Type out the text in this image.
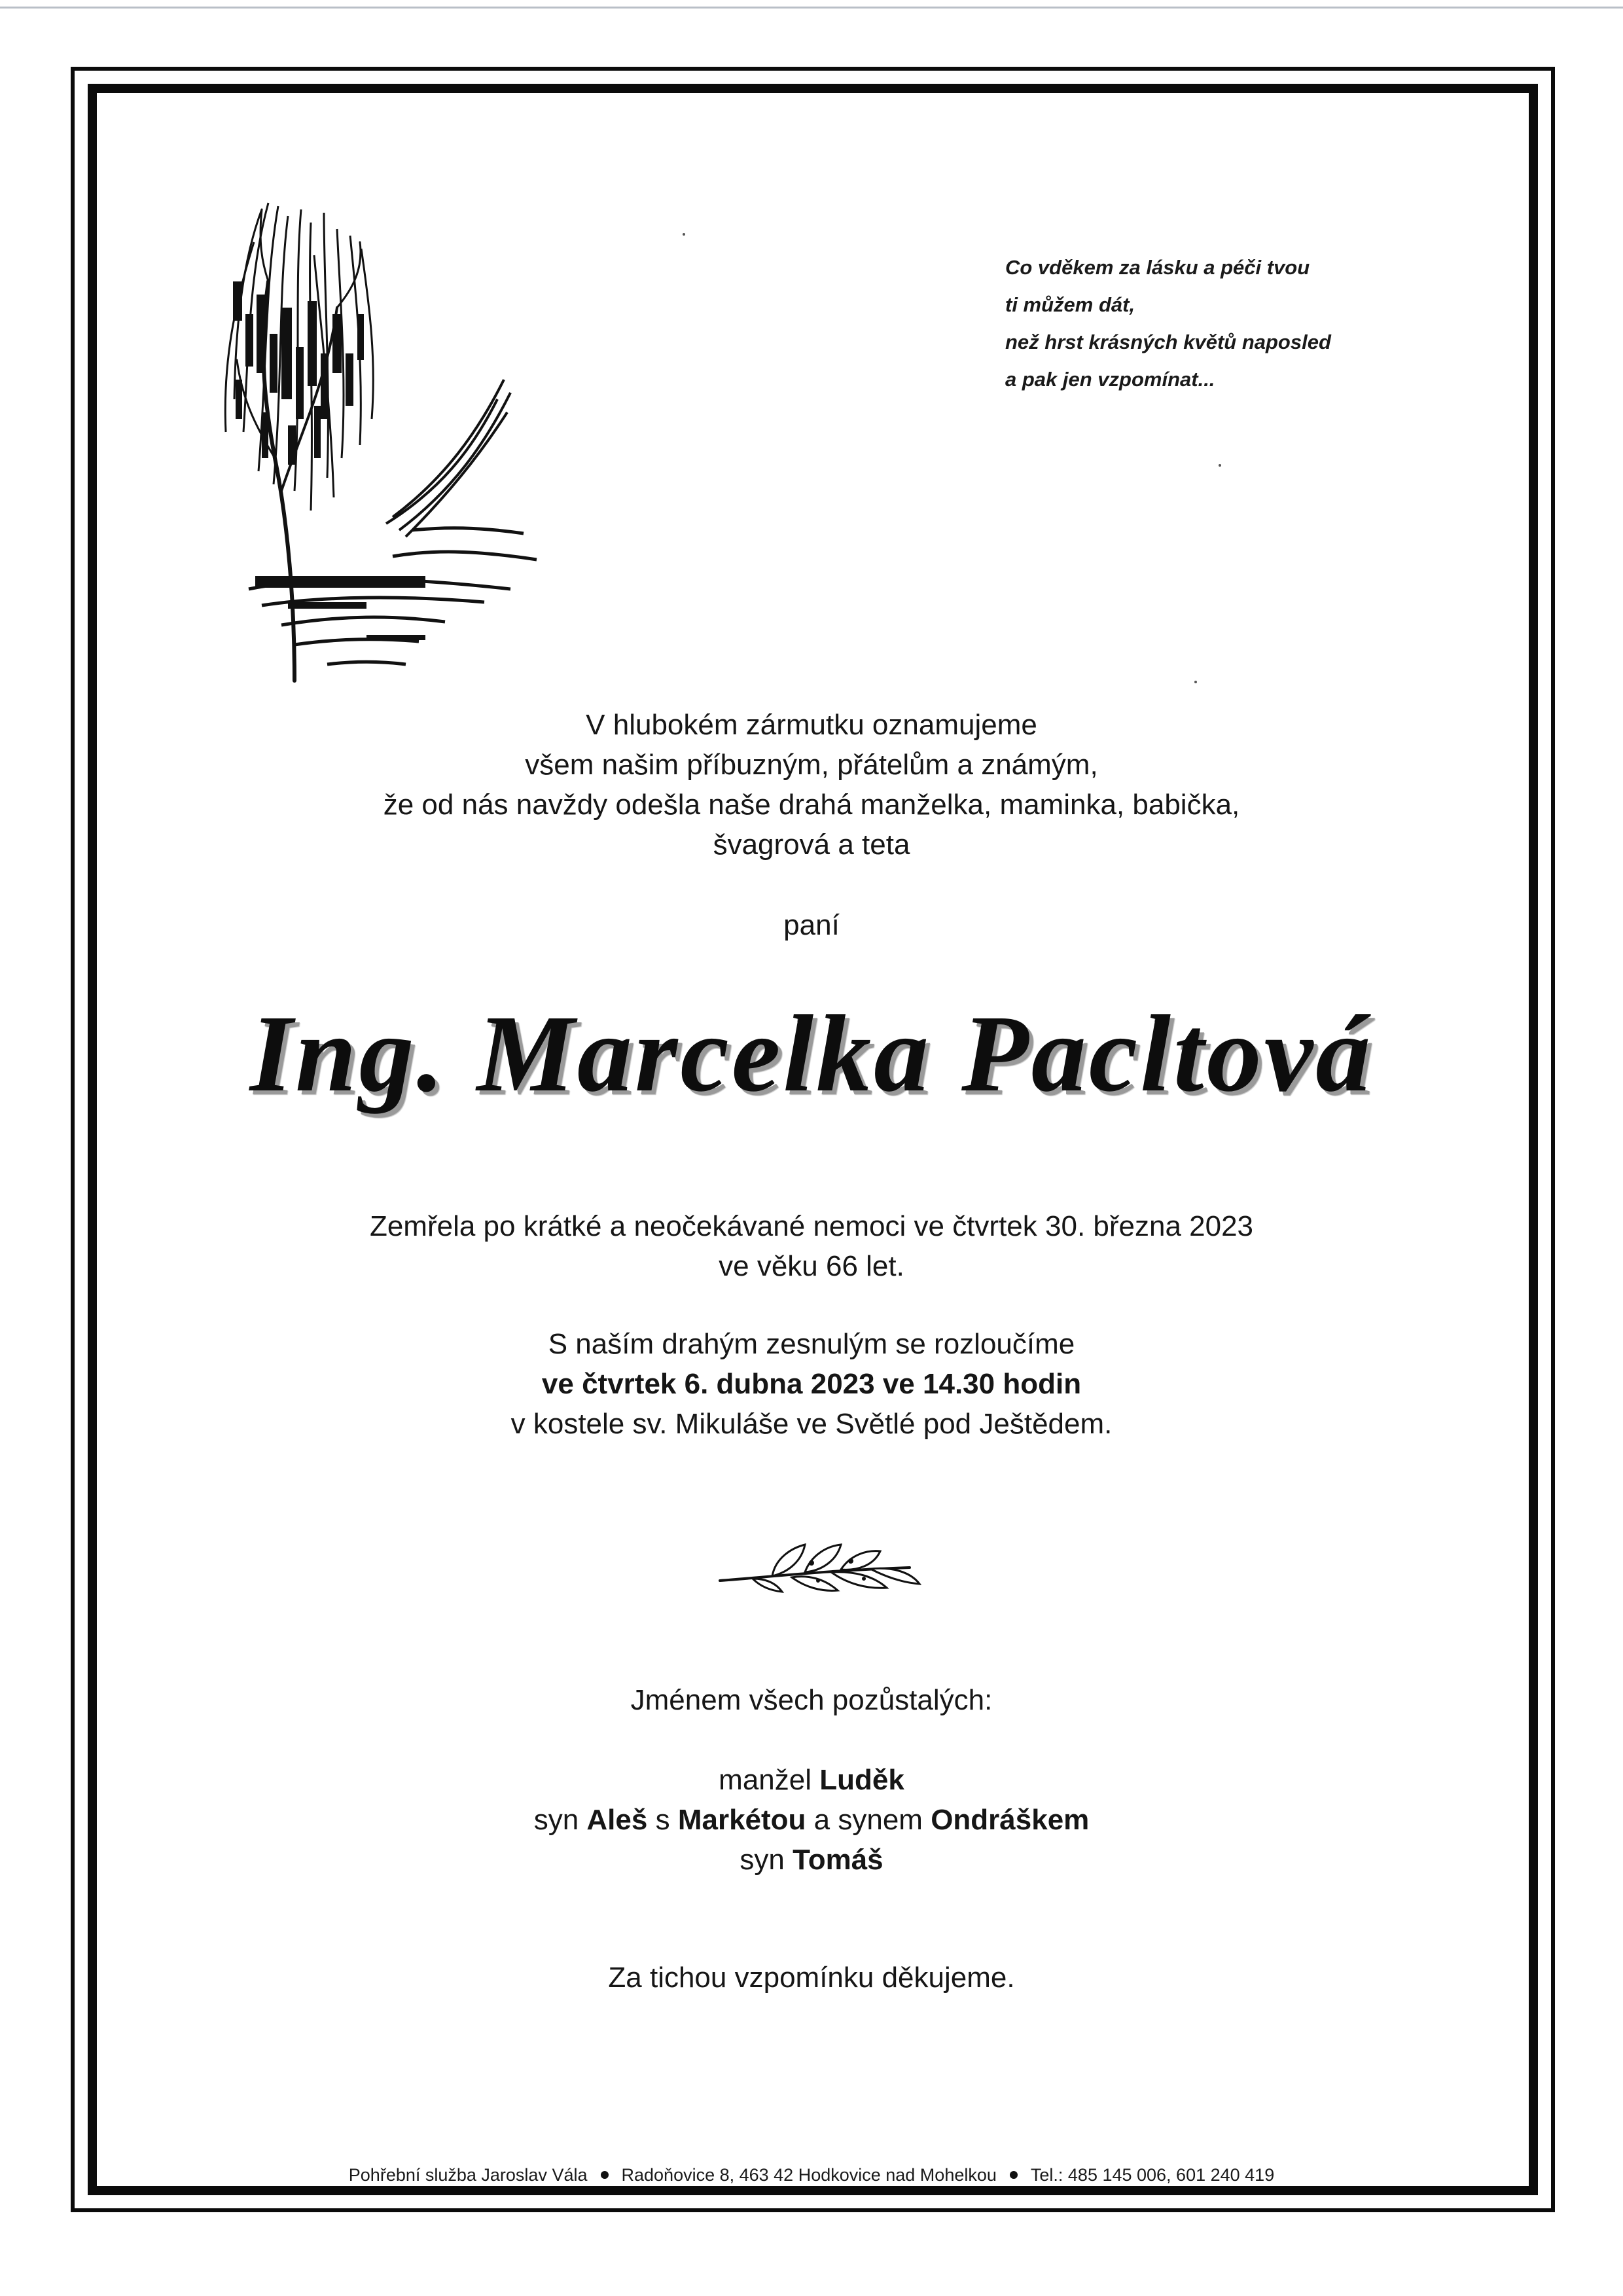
Co vděkem za lásku a péči tvou
ti můžem dát,
než hrst krásných květů naposled
a pak jen vzpomínat...
V hlubokém zármutku oznamujeme
všem našim příbuzným, přátelům a známým,
že od nás navždy odešla naše drahá manželka, maminka, babička,
švagrová a teta
paní
Ing. Marcelka Pacltová
Zemřela po krátké a neočekávané nemoci ve čtvrtek 30. března 2023
ve věku 66 let.
S naším drahým zesnulým se rozloučíme
ve čtvrtek 6. dubna 2023 ve 14.30 hodin
v kostele sv. Mikuláše ve Světlé pod Ještědem.
Jménem všech pozůstalých:
manžel Luděk
syn Aleš s Markétou a synem Ondráškem
syn Tomáš
Za tichou vzpomínku děkujeme.
Pohřební služba Jaroslav Vála Radoňovice 8, 463 42 Hodkovice nad Mohelkou Tel.: 485 145 006, 601 240 419
